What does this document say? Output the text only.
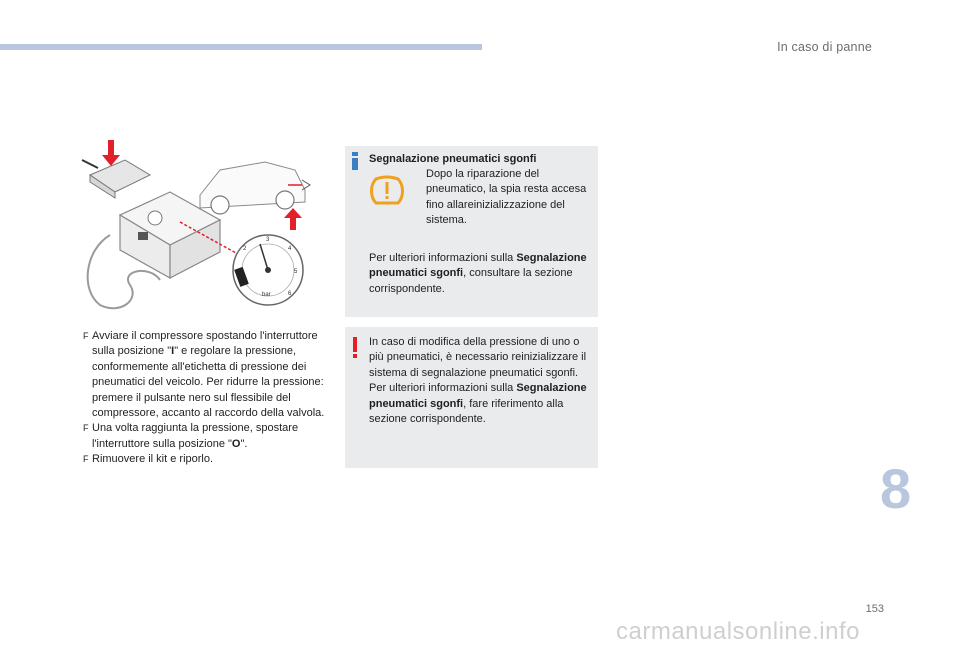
In caso di panne
2
3
4
5
6
bar
F Avviare il compressore spostando l'interruttore sulla posizione "I" e regolare la pressione, conformemente all'etichetta di pressione dei pneumatici del veicolo. Per ridurre la pressione: premere il pulsante nero sul flessibile del compressore, accanto al raccordo della valvola.
F Una volta raggiunta la pressione, spostare l'interruttore sulla posizione "O".
F Rimuovere il kit e riporlo.
Segnalazione pneumatici sgonfi
Dopo la riparazione del pneumatico, la spia resta accesa fino allareinizializzazione del sistema.
Per ulteriori informazioni sulla Segnalazione pneumatici sgonfi, consultare la sezione corrispondente.
In caso di modifica della pressione di uno o più pneumatici, è necessario reinizializzare il sistema di segnalazione pneumatici sgonfi.
Per ulteriori informazioni sulla Segnalazione pneumatici sgonfi, fare riferimento alla sezione corrispondente.
8
153
carmanualsonline.info
